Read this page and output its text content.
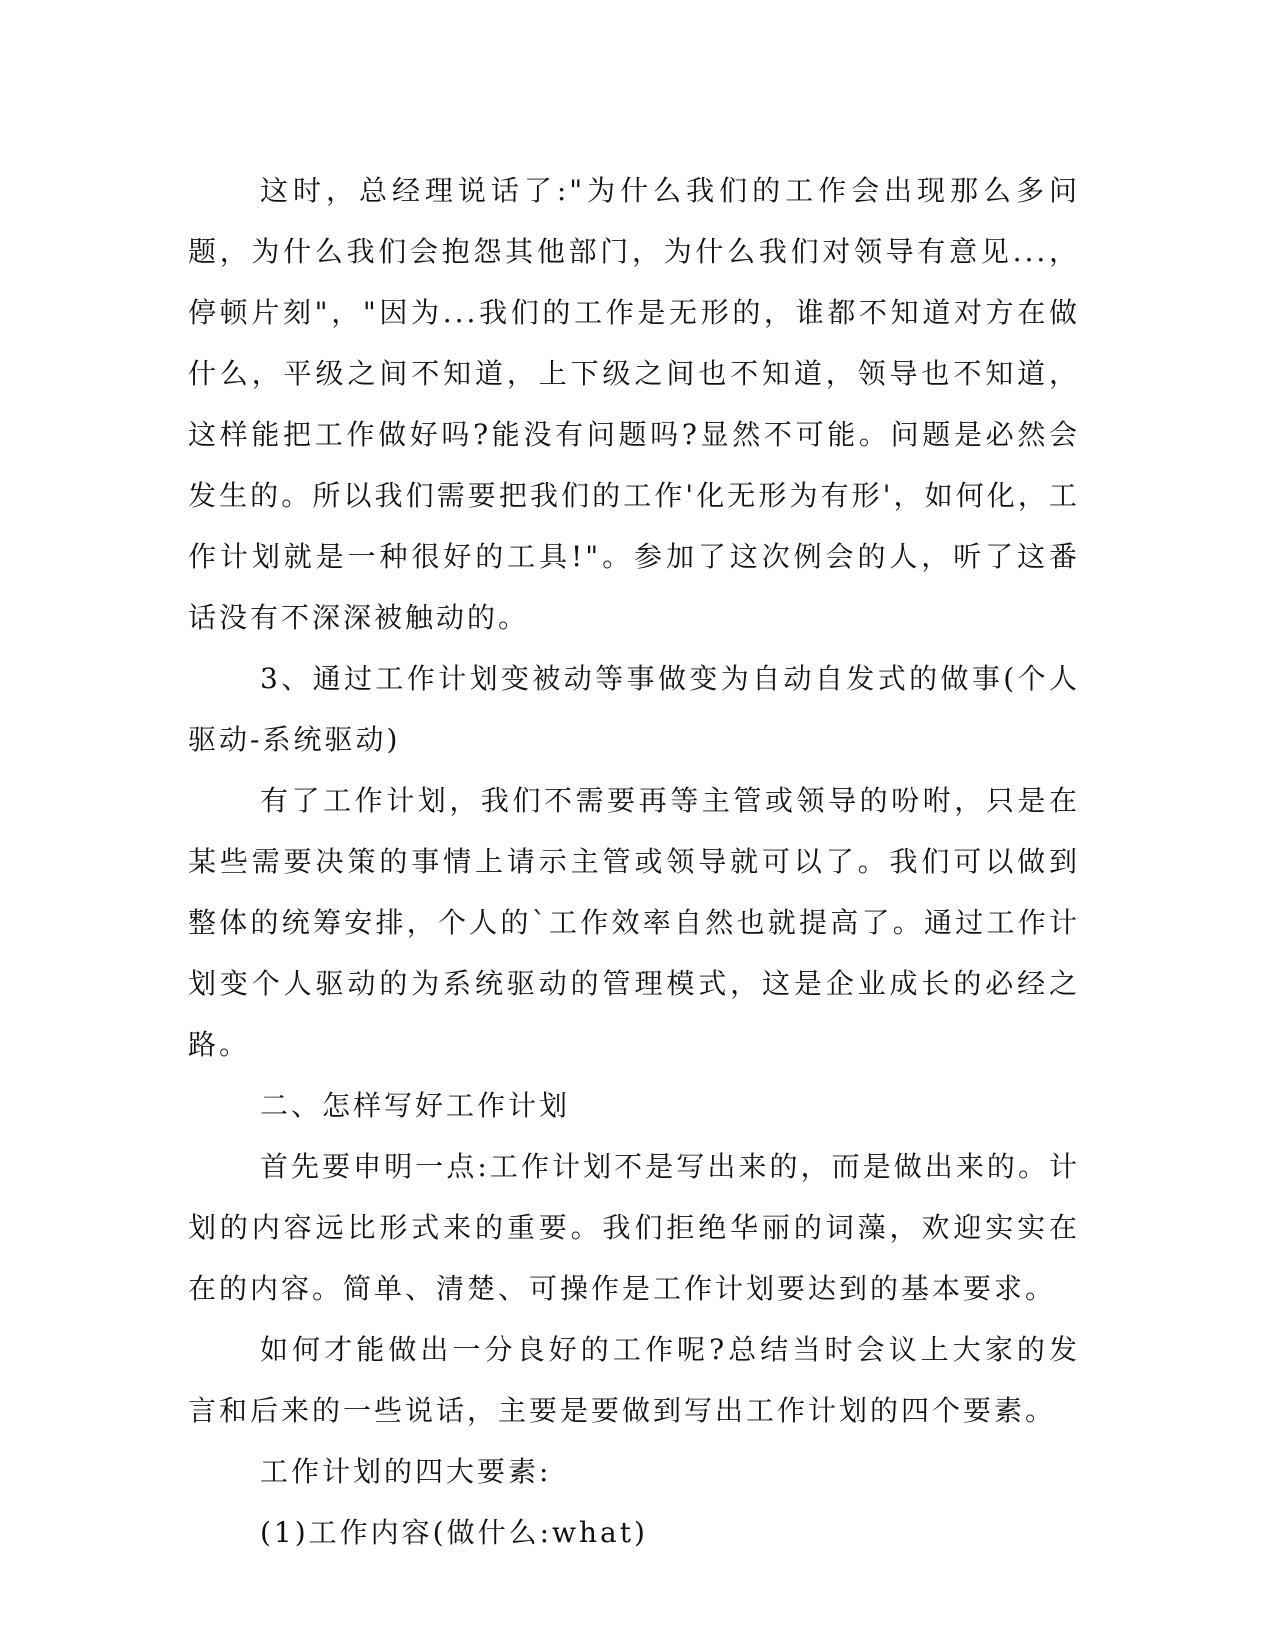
这时，总经理说话了:"为什么我们的工作会出现那么多问题，为什么我们会抱怨其他部门，为什么我们对领导有意见...，停顿片刻"，"因为...我们的工作是无形的，谁都不知道对方在做什么，平级之间不知道，上下级之间也不知道，领导也不知道，这样能把工作做好吗?能没有问题吗?显然不可能。问题是必然会发生的。所以我们需要把我们的工作'化无形为有形'，如何化，工作计划就是一种很好的工具!"。参加了这次例会的人，听了这番话没有不深深被触动的。

3、通过工作计划变被动等事做变为自动自发式的做事(个人驱动-系统驱动)

有了工作计划，我们不需要再等主管或领导的吩咐，只是在某些需要决策的事情上请示主管或领导就可以了。我们可以做到整体的统筹安排，个人的`工作效率自然也就提高了。通过工作计划变个人驱动的为系统驱动的管理模式，这是企业成长的必经之路。

二、怎样写好工作计划

首先要申明一点:工作计划不是写出来的，而是做出来的。计划的内容远比形式来的重要。我们拒绝华丽的词藻，欢迎实实在在的内容。简单、清楚、可操作是工作计划要达到的基本要求。

如何才能做出一分良好的工作呢?总结当时会议上大家的发言和后来的一些说话，主要是要做到写出工作计划的四个要素。

工作计划的四大要素:

(1)工作内容(做什么:what)
